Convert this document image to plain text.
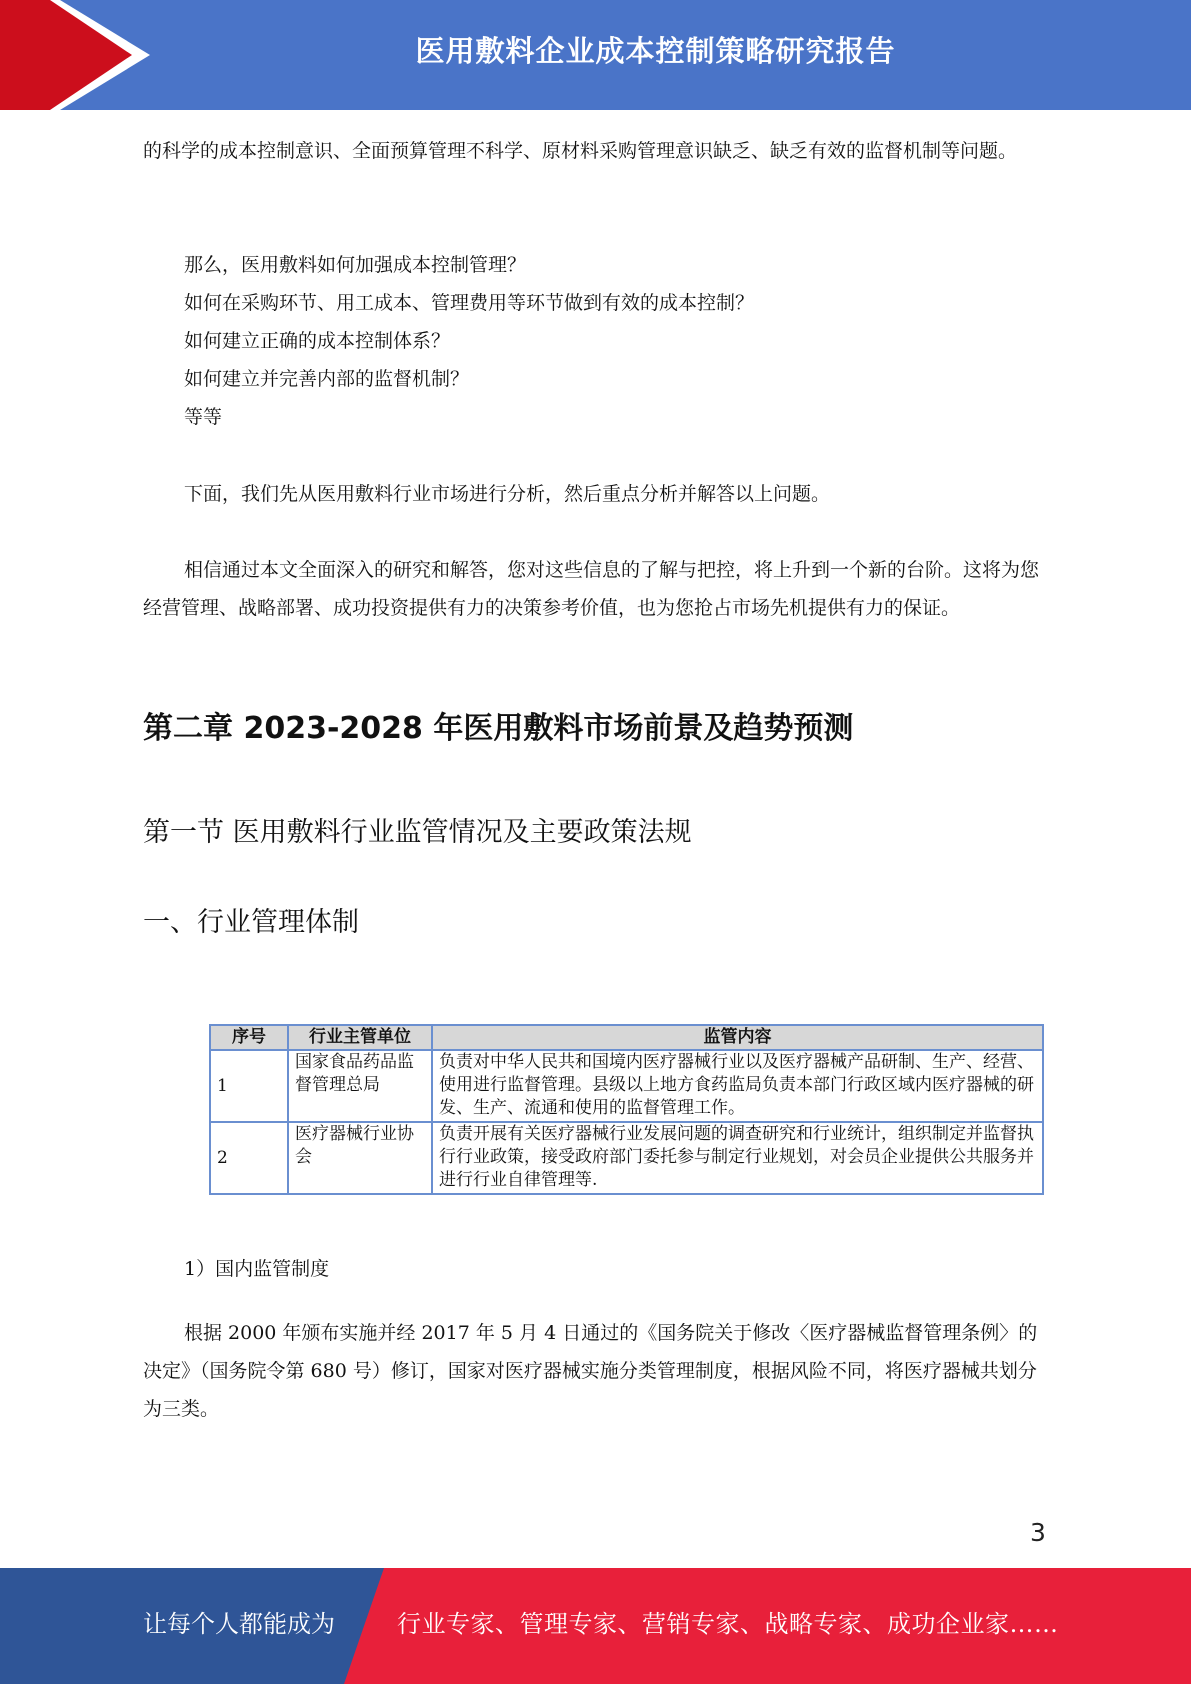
医用敷料企业成本控制策略研究报告

的科学的成本控制意识、全面预算管理不科学、原材料采购管理意识缺乏、缺乏有效的监督机制等问题。

那么，医用敷料如何加强成本控制管理？
如何在采购环节、用工成本、管理费用等环节做到有效的成本控制？
如何建立正确的成本控制体系？
如何建立并完善内部的监督机制？
等等

下面，我们先从医用敷料行业市场进行分析，然后重点分析并解答以上问题。

相信通过本文全面深入的研究和解答，您对这些信息的了解与把控，将上升到一个新的台阶。这将为您经营管理、战略部署、成功投资提供有力的决策参考价值，也为您抢占市场先机提供有力的保证。

第二章 2023-2028 年医用敷料市场前景及趋势预测
第一节 医用敷料行业监管情况及主要政策法规
一、行业管理体制
序号	行业主管单位	监管内容
1	国家食品药品监督管理总局	负责对中华人民共和国境内医疗器械行业以及医疗器械产品研制、生产、经营、使用进行监督管理。县级以上地方食药监局负责本部门行政区域内医疗器械的研发、生产、流通和使用的监督管理工作。
2	医疗器械行业协会	负责开展有关医疗器械行业发展问题的调查研究和行业统计，组织制定并监督执行行业政策，接受政府部门委托参与制定行业规划，对会员企业提供公共服务并进行行业自律管理等.
1）国内监管制度

根据 2000 年颁布实施并经 2017 年 5 月 4 日通过的《国务院关于修改〈医疗器械监督管理条例〉的决定》（国务院令第 680 号）修订，国家对医疗器械实施分类管理制度，根据风险不同，将医疗器械共划分为三类。

3
让每个人都能成为	行业专家、管理专家、营销专家、战略专家、成功企业家……
